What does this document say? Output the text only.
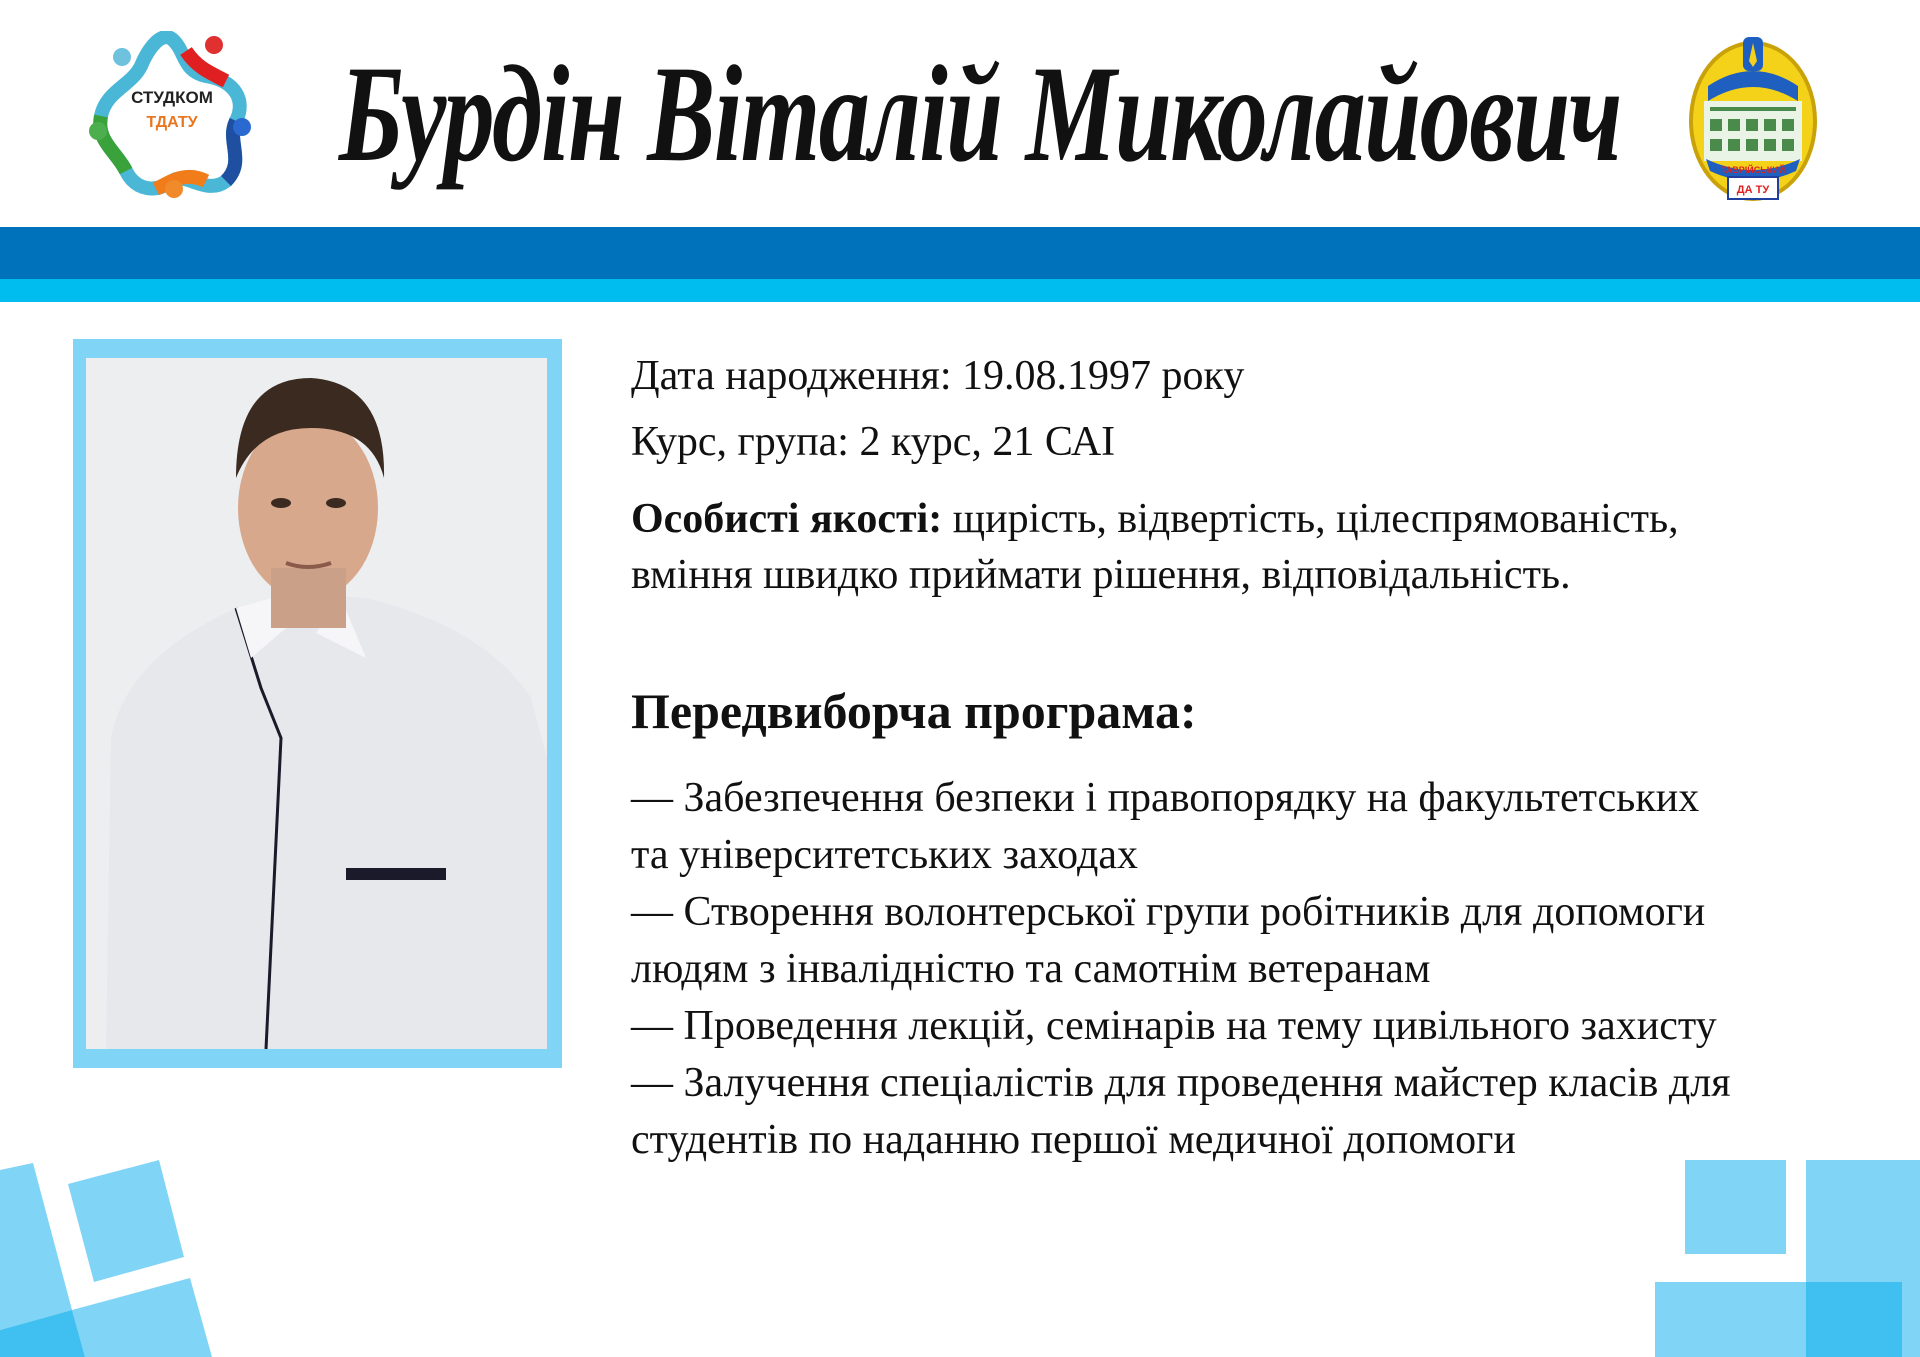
СТУДКОМ
ТДАТУ Бурдін Віталій Миколайович	ТАВРІЙСЬКИЙ
ДА ТУ
Дата народження: 19.08.1997 року
Курс, група: 2 курс, 21 САІ
Особисті якості: щирість, відвертість, цілеспрямованість,
вміння швидко приймати рішення, відповідальність.
Передвиборча програма:
— Забезпечення безпеки і правопорядку на факультетських
та університетських заходах
— Створення волонтерської групи робітників для допомоги
людям з інвалідністю та самотнім ветеранам
— Проведення лекцій, семінарів на тему цивільного захисту
— Залучення спеціалістів для проведення майстер класів для
студентів по наданню першої медичної допомоги
